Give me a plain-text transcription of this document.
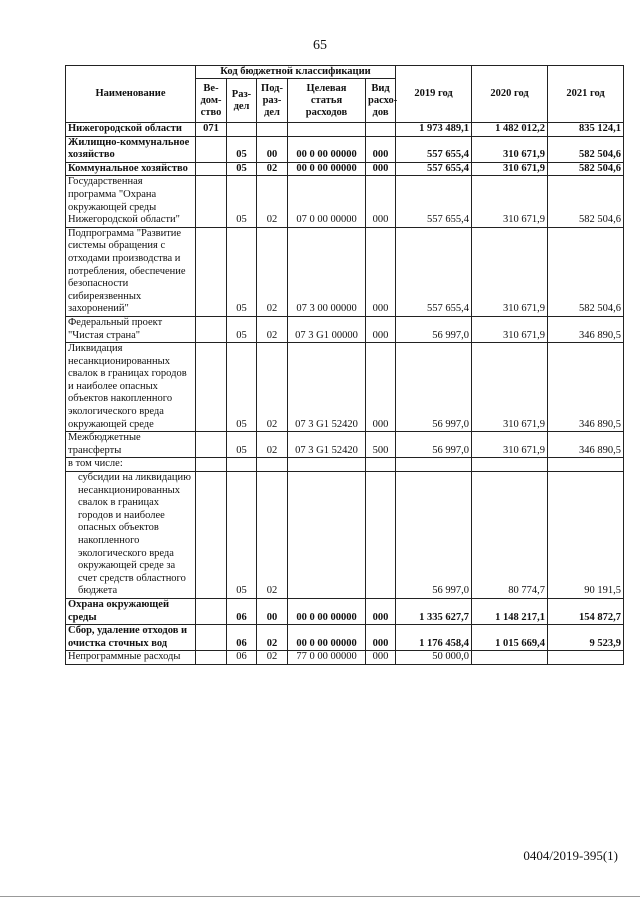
65
Наименование	Код бюджетной классификации					2019 год	2020 год	2021 год
	Ве-дом-ство	Раз-дел	Под-раз-дел	Целевая статья расходов	Вид расхо-дов			
Нижегородской области	071					1 973 489,1	1 482 012,2	835 124,1
Жилищно-коммунальное хозяйство		05	00	00 0 00 00000	000	557 655,4	310 671,9	582 504,6
Коммунальное хозяйство		05	02	00 0 00 00000	000	557 655,4	310 671,9	582 504,6
Государственная программа "Охрана окружающей среды Нижегородской области"		05	02	07 0 00 00000	000	557 655,4	310 671,9	582 504,6
Подпрограмма "Развитие системы обращения с отходами производства и потребления, обеспечение безопасности сибиреязвенных захоронений"		05	02	07 3 00 00000	000	557 655,4	310 671,9	582 504,6
Федеральный проект "Чистая страна"		05	02	07 3 G1 00000	000	56 997,0	310 671,9	346 890,5
Ликвидация несанкционированных свалок в границах городов и наиболее опасных объектов накопленного экологического вреда окружающей среде		05	02	07 3 G1 52420	000	56 997,0	310 671,9	346 890,5
Межбюджетные трансферты		05	02	07 3 G1 52420	500	56 997,0	310 671,9	346 890,5
в том числе:								
субсидии на ликвидацию несанкционированных свалок в границах городов и наиболее опасных объектов накопленного экологического вреда окружающей среде за счет средств областного бюджета		05	02			56 997,0	80 774,7	90 191,5
Охрана окружающей среды		06	00	00 0 00 00000	000	1 335 627,7	1 148 217,1	154 872,7
Сбор, удаление отходов и очистка сточных вод		06	02	00 0 00 00000	000	1 176 458,4	1 015 669,4	9 523,9
Непрограммные расходы		06	02	77 0 00 00000	000	50 000,0		
0404/2019-395(1)
